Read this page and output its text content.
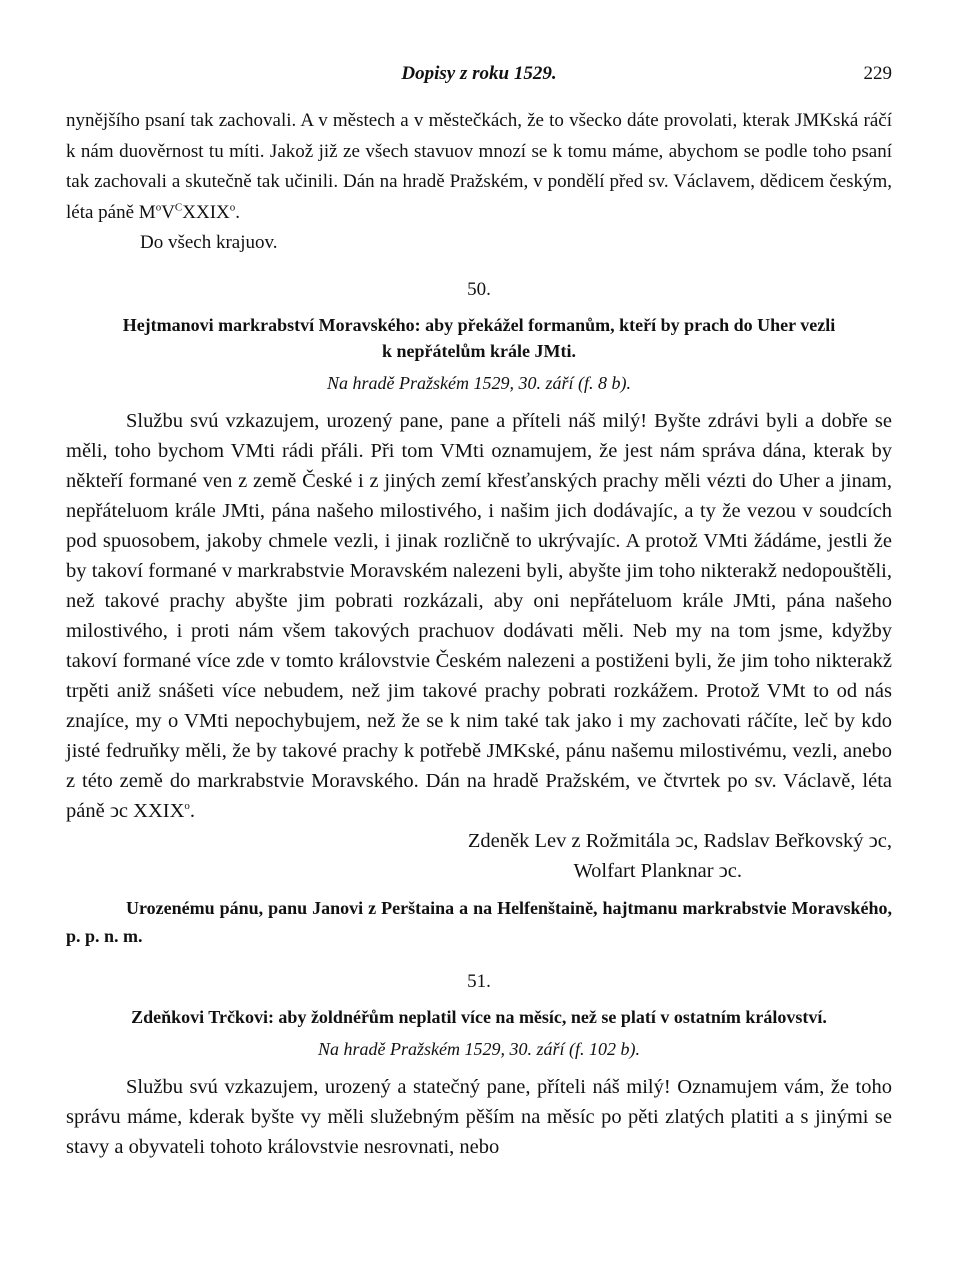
Dopisy z roku 1529.	229

nynějšího psaní tak zachovali. A v městech a v městečkách, že to všecko dáte provolati, kterak JMKská ráčí k nám duověrnost tu míti. Jakož již ze všech stavuov mnozí se k tomu máme, abychom se podle toho psaní tak zachovali a skutečně tak učinili. Dán na hradě Pražském, v pondělí před sv. Václavem, dědicem českým, léta páně $M^oV^CXXIX^o$.

Do všech krajuov.

50.

Hejtmanovi markrabství Moravského: aby překážel formanům, kteří by prach do Uher vezli

k nepřátelům krále JMti.

Na hradě Pražském 1529, 30. září (f. 8 b).

Službu svú vzkazujem, urozený pane, pane a příteli náš milý! Byšte zdrávi byli a dobře se měli, toho bychom VMti rádi přáli. Při tom VMti oznamujem, že jest nám správa dána, kterak by někteří formané ven z země České i z jiných zemí křesťanských prachy měli vézti do Uher a jinam, nepřáteluom krále JMti, pána našeho milostivého, i našim jich dodávajíc, a ty že vezou v soudcích pod spuosobem, jakoby chmele vezli, i jinak rozličně to ukrývajíc. A protož VMti žádáme, jestli že by takoví formané v markrabstvie Moravském nalezeni byli, abyšte jim toho nikterakž nedopouštěli, než takové prachy abyšte jim pobrati rozkázali, aby oni nepřáteluom krále JMti, pána našeho milostivého, i proti nám všem takových prachuov dodávati měli. Neb my na tom jsme, kdyžby takoví formané více zde v tomto královstvie Českém nalezeni a postiženi byli, že jim toho nikterakž trpěti aniž snášeti více nebudem, než jim takové prachy pobrati rozkážem. Protož VMt to od nás znajíce, my o VMti nepochybujem, než že se k nim také tak jako i my zachovati ráčíte, leč by kdo jisté fedruňky měli, že by takové prachy k potřebě JMKské, pánu našemu milostivému, vezli, anebo z této země do markrabstvie Moravského. Dán na hradě Pražském, ve čtvrtek po sv. Václavě, léta páně ↄc XXIX$^o$.

Zdeněk Lev z Rožmitála ↄc, Radslav Beřkovský ↄc,

Wolfart Planknar ↄc.

Urozenému pánu, panu Janovi z Perštaina a na Helfenštaině, hajtmanu markrabstvie Moravského, p. p. n. m.

51.

Zdeňkovi Trčkovi: aby žoldnéřům neplatil více na měsíc, než se platí v ostatním království.

Na hradě Pražském 1529, 30. září (f. 102 b).

Službu svú vzkazujem, urozený a statečný pane, příteli náš milý! Oznamujem vám, že toho správu máme, kderak byšte vy měli služebným pěším na měsíc po pěti zlatých platiti a s jinými se stavy a obyvateli tohoto královstvie nesrovnati, nebo
